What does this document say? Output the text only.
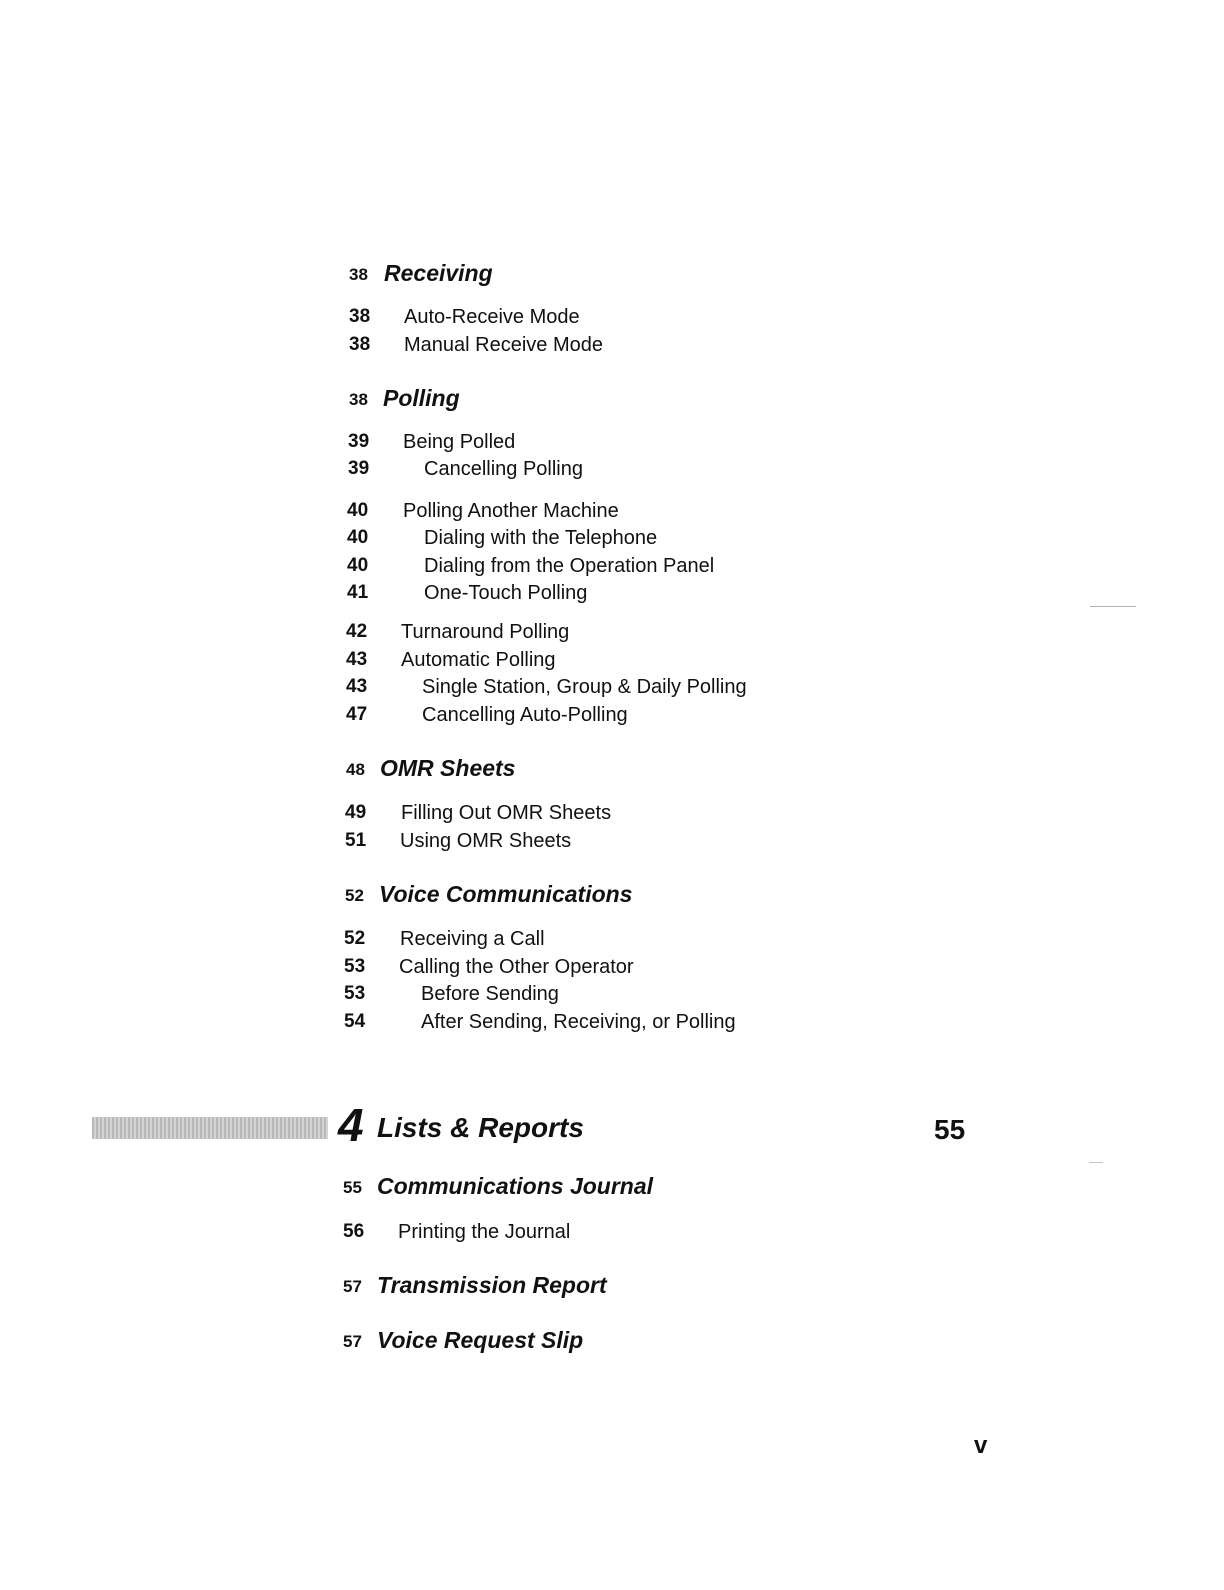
38 Receiving
38 Auto-Receive Mode
38 Manual Receive Mode
38 Polling
39 Being Polled
39	Cancelling Polling
40 Polling Another Machine
40	Dialing with the Telephone
40	Dialing from the Operation Panel
41	One-Touch Polling
42 Turnaround Polling
43 Automatic Polling
43	Single Station, Group & Daily Polling
47	Cancelling Auto-Polling
48 OMR Sheets
49 Filling Out OMR Sheets
51 Using OMR Sheets
52 Voice Communications
52 Receiving a Call
53 Calling the Other Operator
53	Before Sending
54	After Sending, Receiving, or Polling
4 Lists & Reports	55
55 Communications Journal
56 Printing the Journal
57 Transmission Report
57 Voice Request Slip
v
